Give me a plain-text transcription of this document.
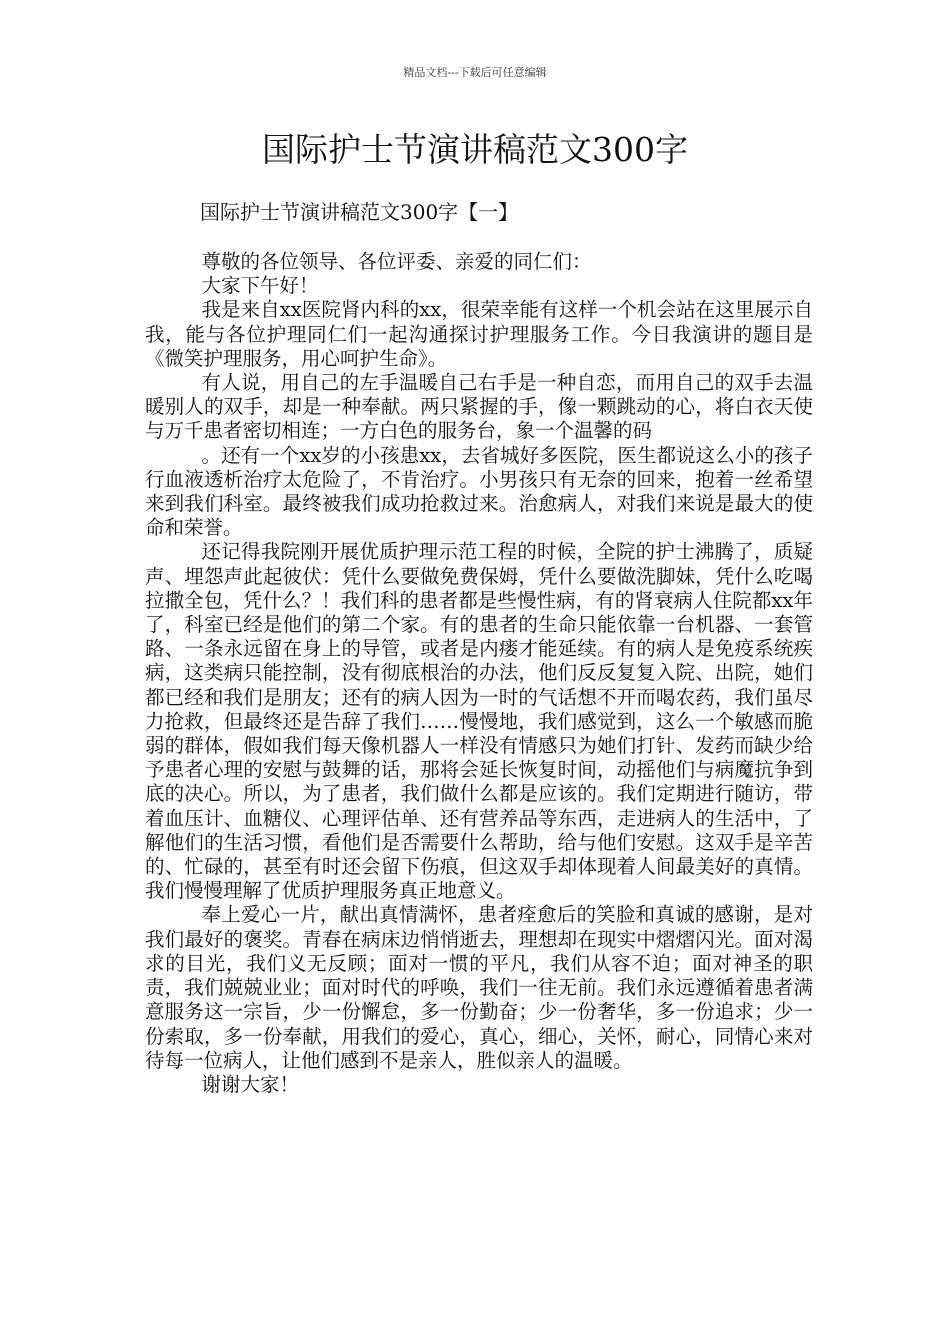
精品文档---下载后可任意编辑
国际护士节演讲稿范文300字
国际护士节演讲稿范文300字【一】

尊敬的各位领导、各位评委、亲爱的同仁们：

大家下午好！

我是来自xx医院肾内科的xx，很荣幸能有这样一个机会站在这里展示自我，能与各位护理同仁们一起沟通探讨护理服务工作。今日我演讲的题目是《微笑护理服务，用心呵护生命》。

有人说，用自己的左手温暖自己右手是一种自恋，而用自己的双手去温暖别人的双手，却是一种奉献。两只紧握的手，像一颗跳动的心，将白衣天使与万千患者密切相连；一方白色的服务台，象一个温馨的码

。还有一个xx岁的小孩患xx，去省城好多医院，医生都说这么小的孩子行血液透析治疗太危险了，不肯治疗。小男孩只有无奈的回来，抱着一丝希望来到我们科室。最终被我们成功抢救过来。治愈病人，对我们来说是最大的使命和荣誉。

还记得我院刚开展优质护理示范工程的时候，全院的护士沸腾了，质疑声、埋怨声此起彼伏：凭什么要做免费保姆，凭什么要做洗脚妹，凭什么吃喝拉撒全包，凭什么？！我们科的患者都是些慢性病，有的肾衰病人住院都xx年了，科室已经是他们的第二个家。有的患者的生命只能依靠一台机器、一套管路、一条永远留在身上的导管，或者是内瘘才能延续。有的病人是免疫系统疾病，这类病只能控制，没有彻底根治的办法，他们反反复复入院、出院，她们都已经和我们是朋友；还有的病人因为一时的气话想不开而喝农药，我们虽尽力抢救，但最终还是告辞了我们……慢慢地，我们感觉到，这么一个敏感而脆弱的群体，假如我们每天像机器人一样没有情感只为她们打针、发药而缺少给予患者心理的安慰与鼓舞的话，那将会延长恢复时间，动摇他们与病魔抗争到底的决心。所以，为了患者，我们做什么都是应该的。我们定期进行随访，带着血压计、血糖仪、心理评估单、还有营养品等东西，走进病人的生活中，了解他们的生活习惯，看他们是否需要什么帮助，给与他们安慰。这双手是辛苦的、忙碌的，甚至有时还会留下伤痕，但这双手却体现着人间最美好的真情。我们慢慢理解了优质护理服务真正地意义。

奉上爱心一片，献出真情满怀，患者痊愈后的笑脸和真诚的感谢，是对我们最好的褒奖。青春在病床边悄悄逝去，理想却在现实中熠熠闪光。面对渴求的目光，我们义无反顾；面对一惯的平凡，我们从容不迫；面对神圣的职责，我们兢兢业业；面对时代的呼唤，我们一往无前。我们永远遵循着患者满意服务这一宗旨，少一份懈怠，多一份勤奋；少一份奢华，多一份追求；少一份索取，多一份奉献，用我们的爱心，真心，细心，关怀，耐心，同情心来对待每一位病人，让他们感到不是亲人，胜似亲人的温暖。

谢谢大家！
